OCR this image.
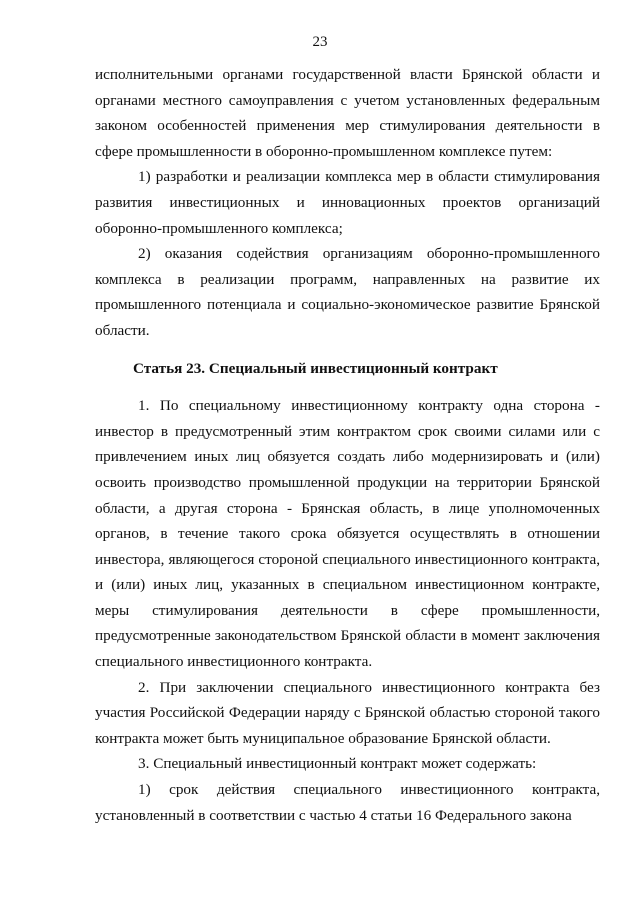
23

исполнительными органами государственной власти Брянской области и органами местного самоуправления с учетом установленных федеральным законом особенностей применения мер стимулирования деятельности в сфере промышленности в оборонно-промышленном комплексе путем:

1) разработки и реализации комплекса мер в области стимулирования развития инвестиционных и инновационных проектов организаций оборонно-промышленного комплекса;

2) оказания содействия организациям оборонно-промышленного комплекса в реализации программ, направленных на развитие их промышленного потенциала и социально-экономическое развитие Брянской области.

Статья 23. Специальный инвестиционный контракт

1. По специальному инвестиционному контракту одна сторона - инвестор в предусмотренный этим контрактом срок своими силами или с привлечением иных лиц обязуется создать либо модернизировать и (или) освоить производство промышленной продукции на территории Брянской области, а другая сторона - Брянская область, в лице уполномоченных органов, в течение такого срока обязуется осуществлять в отношении инвестора, являющегося стороной специального инвестиционного контракта, и (или) иных лиц, указанных в специальном инвестиционном контракте, меры стимулирования деятельности в сфере промышленности, предусмотренные законодательством Брянской области в момент заключения специального инвестиционного контракта.

2. При заключении специального инвестиционного контракта без участия Российской Федерации наряду с Брянской областью стороной такого контракта может быть муниципальное образование Брянской области.

3. Специальный инвестиционный контракт может содержать:

1) срок действия специального инвестиционного контракта, установленный в соответствии с частью 4 статьи 16 Федерального закона
